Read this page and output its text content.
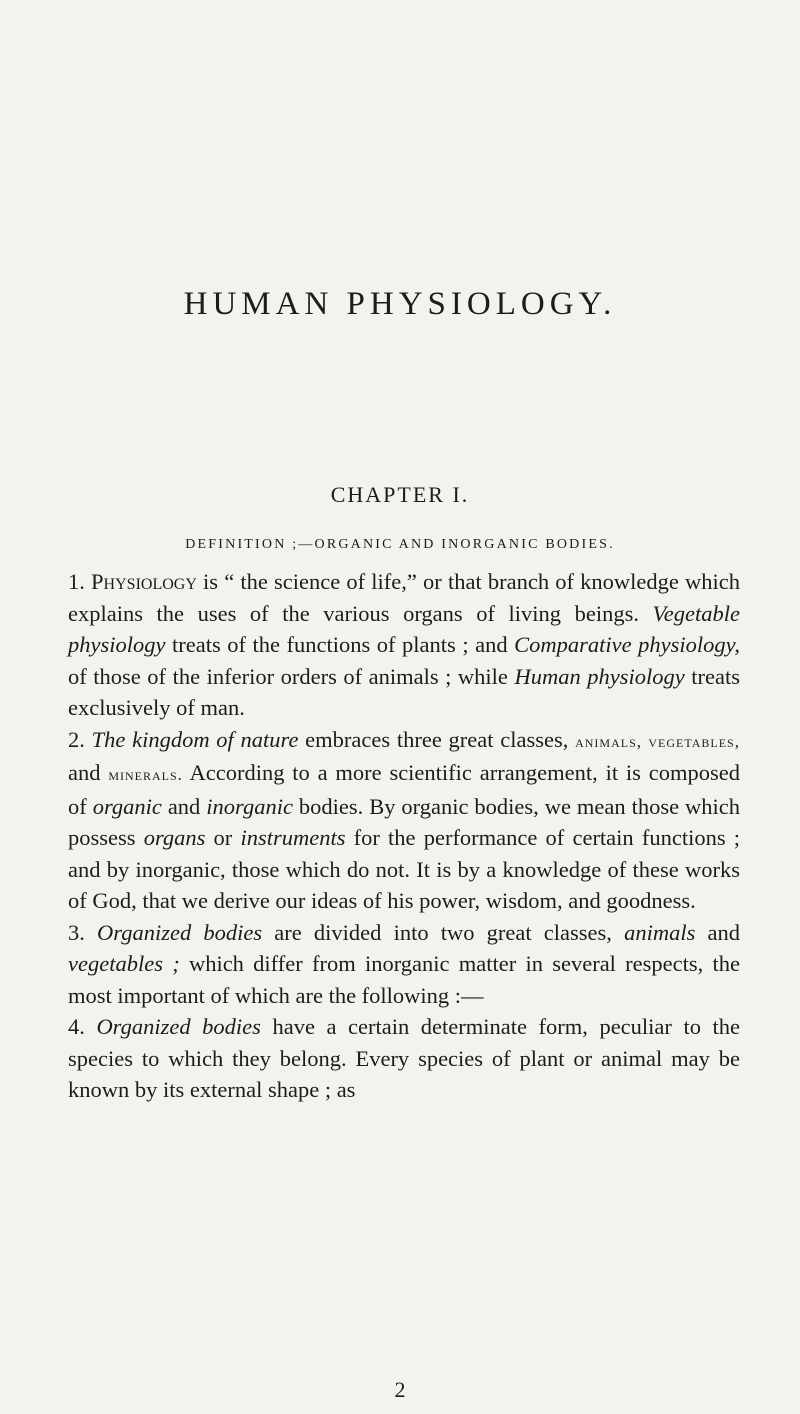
HUMAN PHYSIOLOGY.
CHAPTER I.
DEFINITION ;—ORGANIC AND INORGANIC BODIES.

1. Physiology is “ the science of life,” or that branch of knowledge which explains the uses of the various organs of living beings. Vegetable physiology treats of the functions of plants ; and Comparative physiology, of those of the inferior orders of animals ; while Human physiology treats exclusively of man.

2. The kingdom of nature embraces three great classes, animals, vegetables, and minerals. According to a more scientific arrangement, it is composed of organic and inorganic bodies. By organic bodies, we mean those which possess organs or instruments for the performance of certain functions ; and by inorganic, those which do not. It is by a knowledge of these works of God, that we derive our ideas of his power, wisdom, and goodness.

3. Organized bodies are divided into two great classes, animals and vegetables ; which differ from inorganic matter in several respects, the most important of which are the following :—

4. Organized bodies have a certain determinate form, peculiar to the species to which they belong. Every species of plant or animal may be known by its external shape ; as

2
